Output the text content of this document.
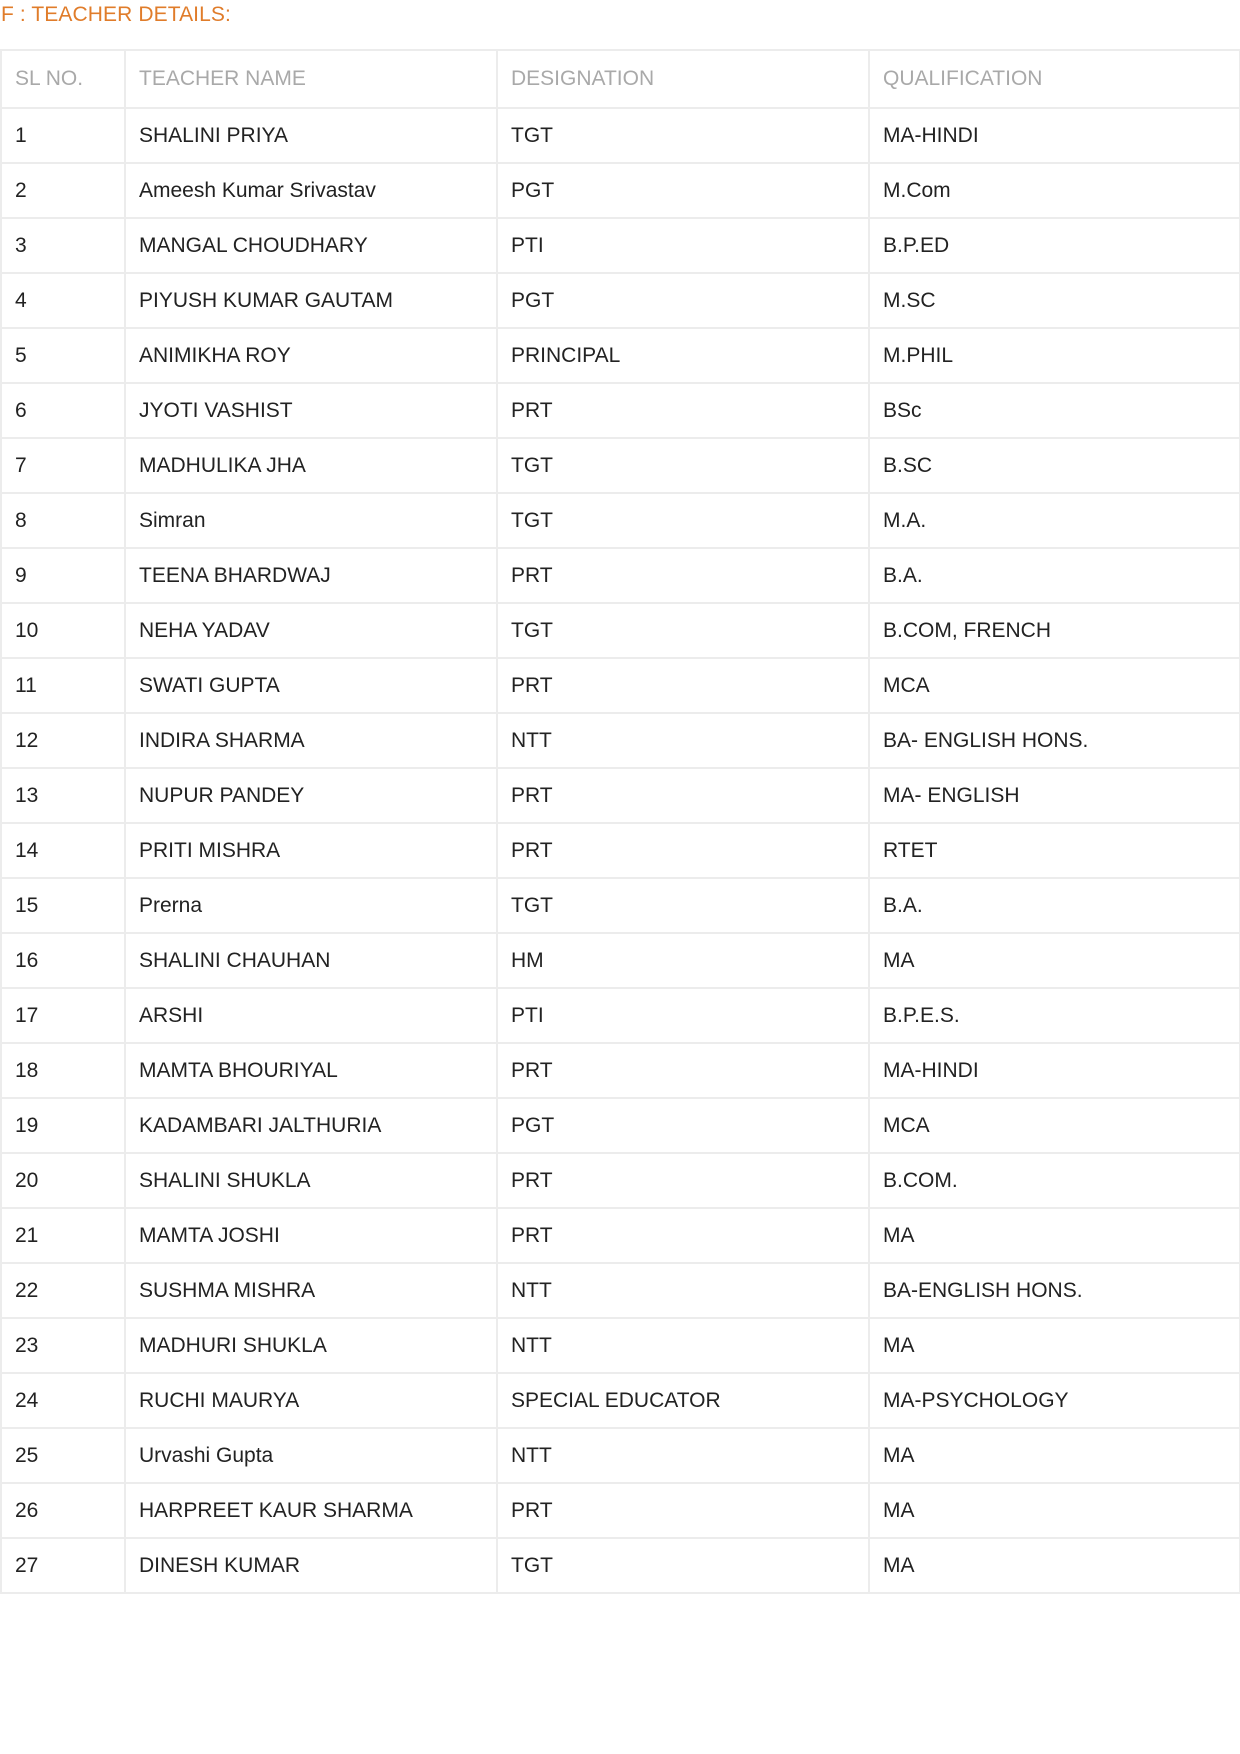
F : TEACHER DETAILS:
SL NO.	TEACHER NAME	DESIGNATION	QUALIFICATION
1	SHALINI PRIYA	TGT	MA-HINDI
2	Ameesh Kumar Srivastav	PGT	M.Com
3	MANGAL CHOUDHARY	PTI	B.P.ED
4	PIYUSH KUMAR GAUTAM	PGT	M.SC
5	ANIMIKHA ROY	PRINCIPAL	M.PHIL
6	JYOTI VASHIST	PRT	BSc
7	MADHULIKA JHA	TGT	B.SC
8	Simran	TGT	M.A.
9	TEENA BHARDWAJ	PRT	B.A.
10	NEHA YADAV	TGT	B.COM, FRENCH
11	SWATI GUPTA	PRT	MCA
12	INDIRA SHARMA	NTT	BA- ENGLISH HONS.
13	NUPUR PANDEY	PRT	MA- ENGLISH
14	PRITI MISHRA	PRT	RTET
15	Prerna	TGT	B.A.
16	SHALINI CHAUHAN	HM	MA
17	ARSHI	PTI	B.P.E.S.
18	MAMTA BHOURIYAL	PRT	MA-HINDI
19	KADAMBARI JALTHURIA	PGT	MCA
20	SHALINI SHUKLA	PRT	B.COM.
21	MAMTA JOSHI	PRT	MA
22	SUSHMA MISHRA	NTT	BA-ENGLISH HONS.
23	MADHURI SHUKLA	NTT	MA
24	RUCHI MAURYA	SPECIAL EDUCATOR	MA-PSYCHOLOGY
25	Urvashi Gupta	NTT	MA
26	HARPREET KAUR SHARMA	PRT	MA
27	DINESH KUMAR	TGT	MA
